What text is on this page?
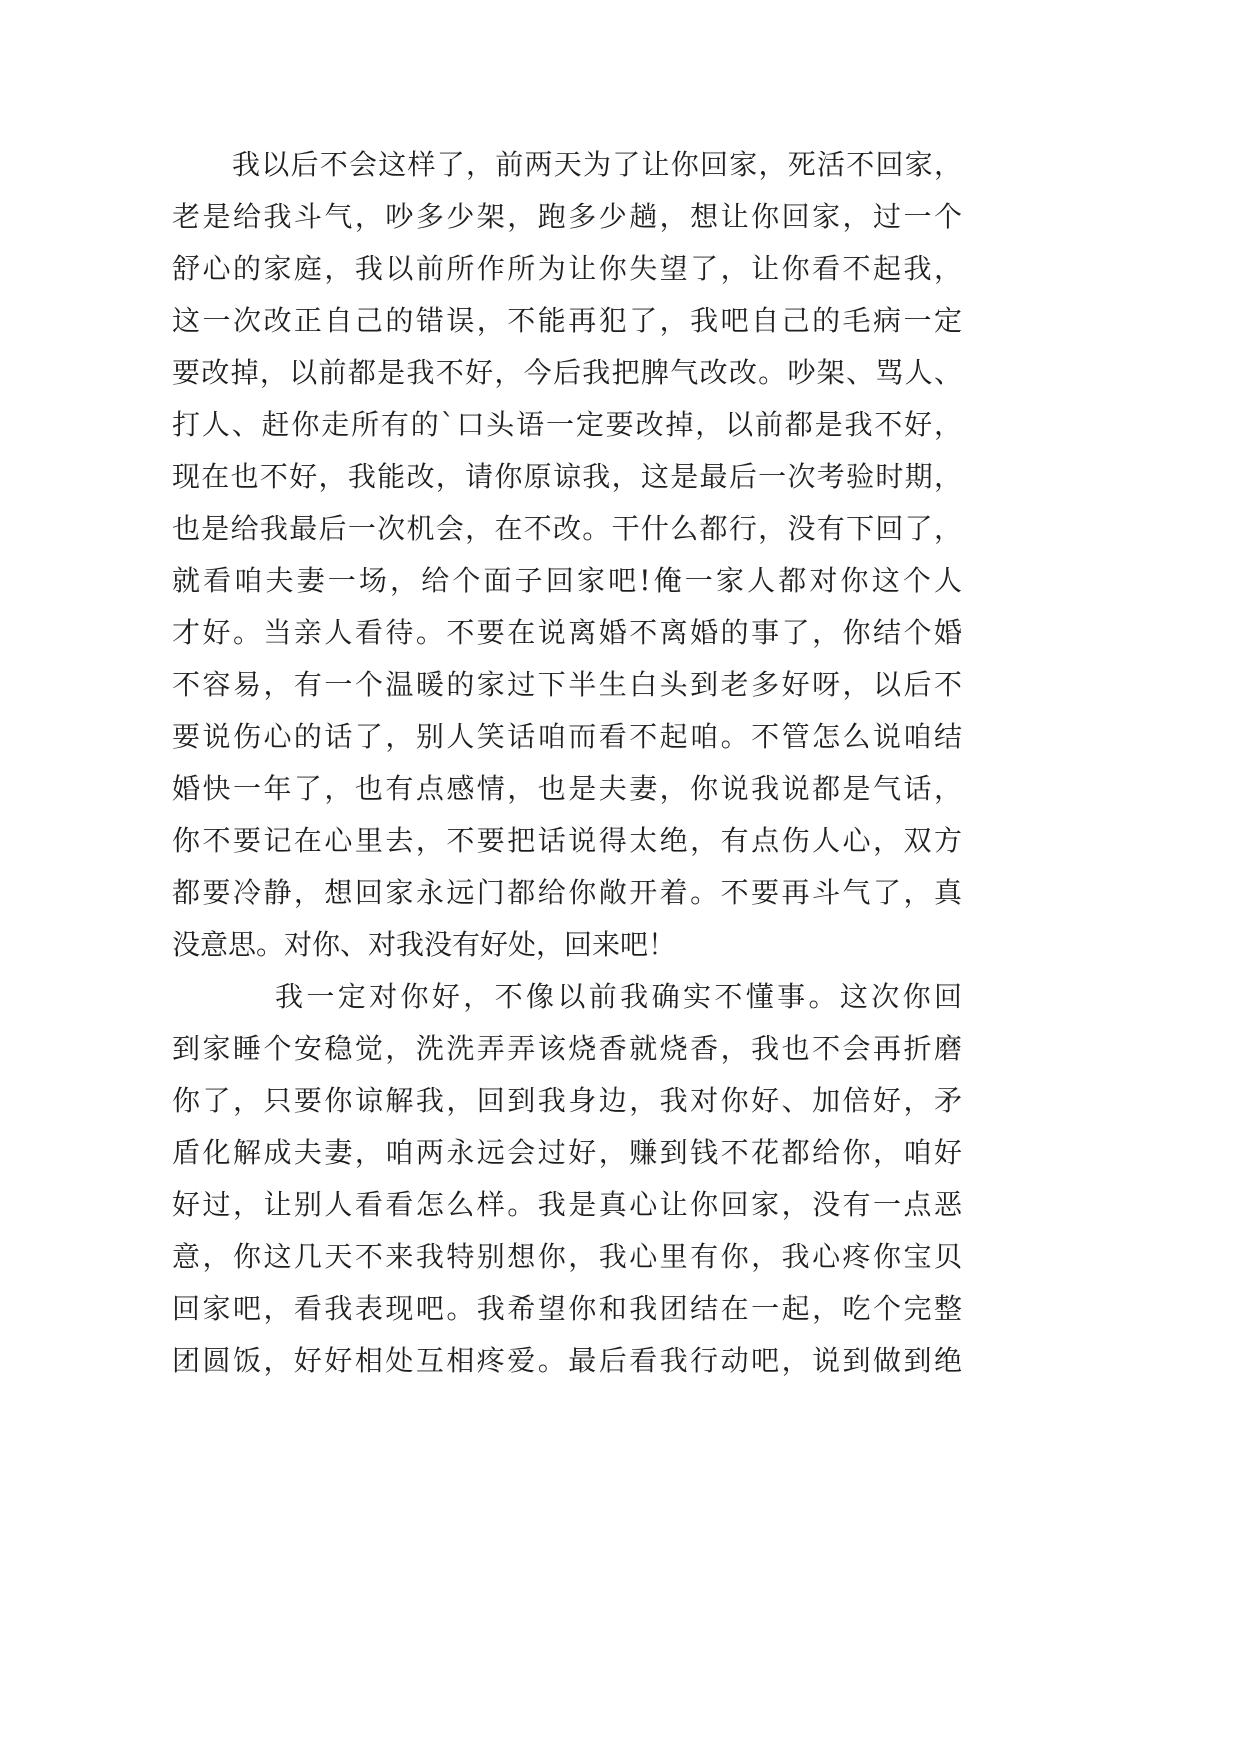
我以后不会这样了，前两天为了让你回家，死活不回家，
老是给我斗气，吵多少架，跑多少趟，想让你回家，过一个
舒心的家庭，我以前所作所为让你失望了，让你看不起我，
这一次改正自己的错误，不能再犯了，我吧自己的毛病一定
要改掉，以前都是我不好，今后我把脾气改改。吵架、骂人、
打人、赶你走所有的`口头语一定要改掉，以前都是我不好，
现在也不好，我能改，请你原谅我，这是最后一次考验时期，
也是给我最后一次机会，在不改。干什么都行，没有下回了，
就看咱夫妻一场，给个面子回家吧!俺一家人都对你这个人
才好。当亲人看待。不要在说离婚不离婚的事了，你结个婚
不容易，有一个温暖的家过下半生白头到老多好呀，以后不
要说伤心的话了，别人笑话咱而看不起咱。不管怎么说咱结
婚快一年了，也有点感情，也是夫妻，你说我说都是气话，
你不要记在心里去，不要把话说得太绝，有点伤人心，双方
都要冷静，想回家永远门都给你敞开着。不要再斗气了，真
没意思。对你、对我没有好处，回来吧！
我一定对你好，不像以前我确实不懂事。这次你回
到家睡个安稳觉，洗洗弄弄该烧香就烧香，我也不会再折磨
你了，只要你谅解我，回到我身边，我对你好、加倍好，矛
盾化解成夫妻，咱两永远会过好，赚到钱不花都给你，咱好
好过，让别人看看怎么样。我是真心让你回家，没有一点恶
意，你这几天不来我特别想你，我心里有你，我心疼你宝贝
回家吧，看我表现吧。我希望你和我团结在一起，吃个完整
团圆饭，好好相处互相疼爱。最后看我行动吧，说到做到绝
